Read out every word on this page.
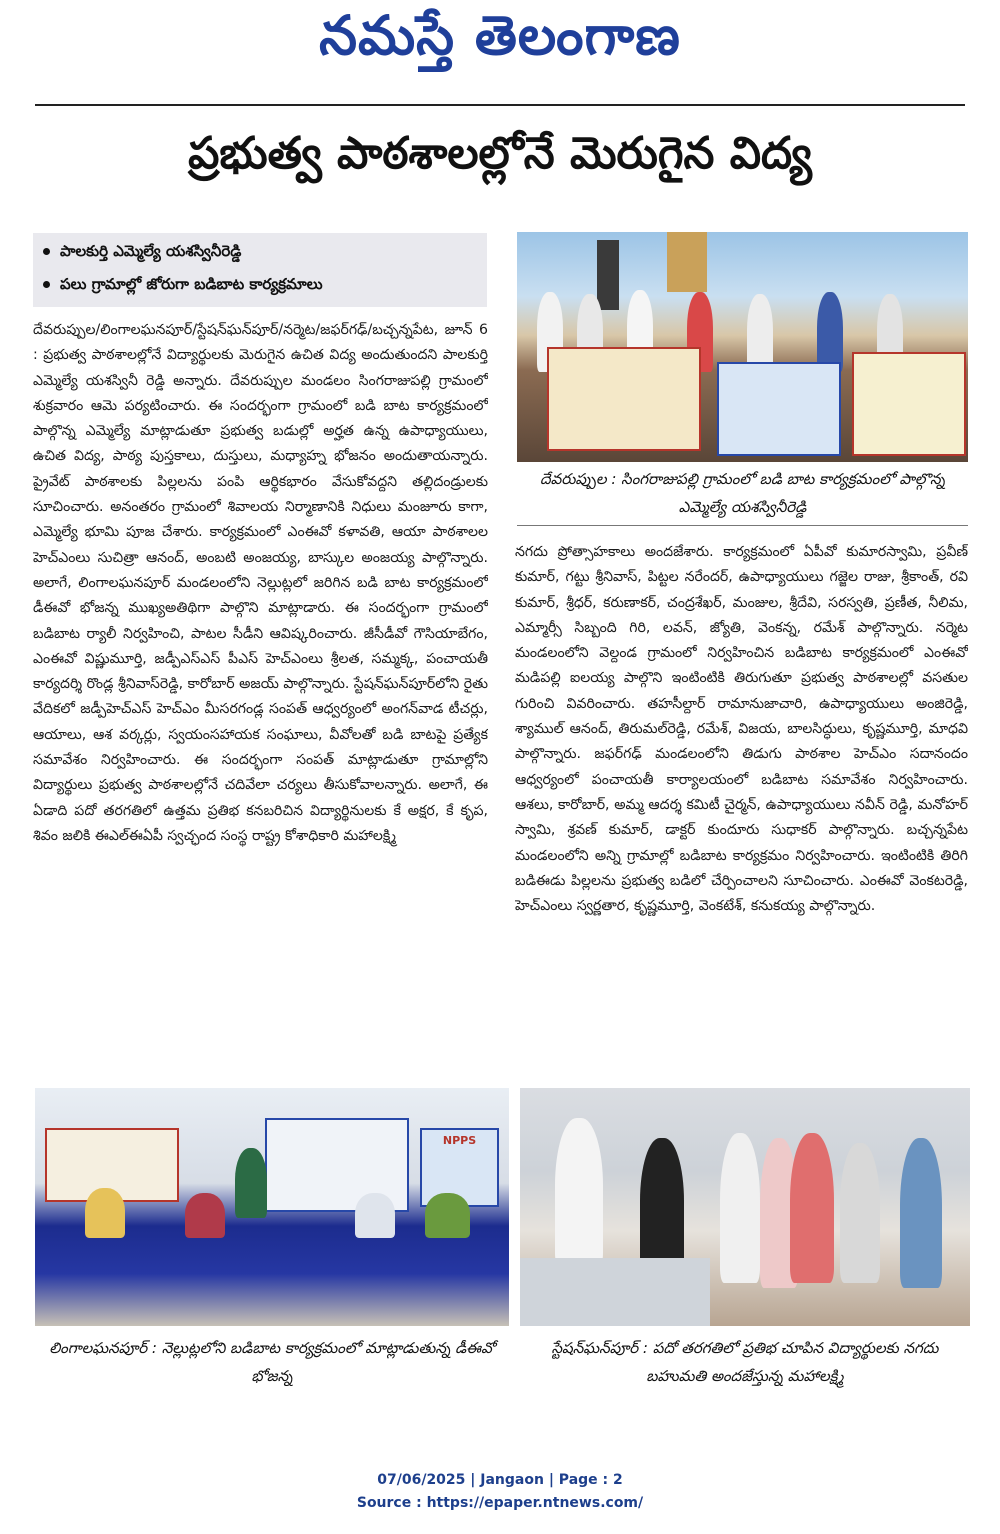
నమస్తే తెలంగాణ
ప్రభుత్వ పాఠశాలల్లోనే మెరుగైన విద్య
పాలకుర్తి ఎమ్మెల్యే యశస్వినీరెడ్డి
పలు గ్రామాల్లో జోరుగా బడిబాట కార్యక్రమాలు
దేవరుప్పుల/లింగాలఘనపూర్/స్టేషన్‌ఘన్‌పూర్/నర్మెట/జఫర్‌గఢ్/బచ్చన్నపేట, జూన్ 6 : ప్రభుత్వ పాఠశాలల్లోనే విద్యార్థులకు మెరుగైన ఉచిత విద్య అందుతుందని పాలకుర్తి ఎమ్మెల్యే యశస్వినీ రెడ్డి అన్నారు. దేవరుప్పుల మండలం సింగరాజుపల్లి గ్రామంలో శుక్రవారం ఆమె పర్యటించారు. ఈ సందర్భంగా గ్రామంలో బడి బాట కార్యక్రమంలో పాల్గొన్న ఎమ్మెల్యే మాట్లాడుతూ ప్రభుత్వ బడుల్లో అర్హత ఉన్న ఉపాధ్యాయులు, ఉచిత విద్య, పాఠ్య పుస్తకాలు, దుస్తులు, మధ్యాహ్న భోజనం అందుతాయన్నారు. ప్రైవేట్ పాఠశాలకు పిల్లలను పంపి ఆర్థికభారం వేసుకోవద్దని తల్లిదండ్రులకు సూచించారు. అనంతరం గ్రామంలో శివాలయ నిర్మాణానికి నిధులు మంజూరు కాగా, ఎమ్మెల్యే భూమి పూజ చేశారు. కార్యక్రమంలో ఎంఈవో కళావతి, ఆయా పాఠశాలల హెచ్‌ఎంలు సుచిత్రా ఆనంద్, అంబటి అంజయ్య, బాస్కుల అంజయ్య పాల్గొన్నారు. అలాగే, లింగాలఘనపూర్ మండలంలోని నెల్లుట్లలో జరిగిన బడి బాట కార్యక్రమంలో డీఈవో భోజన్న ముఖ్యఅతిథిగా పాల్గొని మాట్లాడారు. ఈ సందర్భంగా గ్రామంలో బడిబాట ర్యాలీ నిర్వహించి, పాటల సీడీని ఆవిష్కరించారు. జీసీడీవో గౌసియాబేగం, ఎంఈవో విష్ణుమూర్తి, జడ్పీఎస్‌ఎస్ పీఎస్ హెచ్‌ఎంలు శ్రీలత, సమ్మక్క, పంచాయతీ కార్యదర్శి రొండ్ల శ్రీనివాస్‌రెడ్డి, కారోబార్ అజయ్ పాల్గొన్నారు. స్టేషన్‌ఘన్‌పూర్‌లోని రైతు వేదికలో జడ్పీహెచ్‌ఎస్ హెచ్‌ఎం మీసరగండ్ల సంపత్ ఆధ్వర్యంలో అంగన్‌వాడ టీచర్లు, ఆయాలు, ఆశ వర్కర్లు, స్వయంసహాయక సంఘాలు, వీవోలతో బడి బాటపై ప్రత్యేక సమావేశం నిర్వహించారు. ఈ సందర్భంగా సంపత్ మాట్లాడుతూ గ్రామాల్లోని విద్యార్థులు ప్రభుత్వ పాఠశాలల్లోనే చదివేలా చర్యలు తీసుకోవాలన్నారు. అలాగే, ఈ ఏడాది పదో తరగతిలో ఉత్తమ ప్రతిభ కనబరిచిన విద్యార్థినులకు కే అక్షర, కే కృప, శివం జలికి ఈఎల్‌ఈఏపీ స్వచ్ఛంద సంస్థ రాష్ట్ర కోశాధికారి మహాలక్ష్మి
దేవరుప్పుల : సింగరాజుపల్లి గ్రామంలో బడి బాట కార్యక్రమంలో పాల్గొన్న ఎమ్మెల్యే యశస్వినీరెడ్డి
నగదు ప్రోత్సాహకాలు అందజేశారు. కార్యక్రమంలో ఏపీవో కుమారస్వామి, ప్రవీణ్ కుమార్, గట్టు శ్రీనివాస్, పిట్టల నరేందర్, ఉపాధ్యాయులు గజ్జెల రాజు, శ్రీకాంత్, రవి కుమార్, శ్రీధర్, కరుణాకర్, చంద్రశేఖర్, మంజుల, శ్రీదేవి, సరస్వతి, ప్రణీత, నీలిమ, ఎమ్మార్సీ సిబ్బంది గిరి, లవన్, జ్యోతి, వెంకన్న, రమేశ్ పాల్గొన్నారు. నర్మెట మండలంలోని వెల్దండ గ్రామంలో నిర్వహించిన బడిబాట కార్యక్రమంలో ఎంఈవో మడిపల్లి ఐలయ్య పాల్గొని ఇంటింటికి తిరుగుతూ ప్రభుత్వ పాఠశాలల్లో వసతుల గురించి వివరించారు. తహసీల్దార్ రామానుజాచారి, ఉపాధ్యాయులు అంజిరెడ్డి, శ్యాముల్ ఆనంద్, తిరుమల్‌రెడ్డి, రమేశ్, విజయ, బాలసిద్ధులు, కృష్ణమూర్తి, మాధవి పాల్గొన్నారు. జఫర్‌గఢ్ మండలంలోని తిడుగు పాఠశాల హెచ్‌ఎం సదానందం ఆధ్వర్యంలో పంచాయతీ కార్యాలయంలో బడిబాట సమావేశం నిర్వహించారు. ఆశలు, కారోబార్, అమ్మ ఆదర్శ కమిటీ చైర్మన్, ఉపాధ్యాయులు నవీన్ రెడ్డి, మనోహర్ స్వామి, శ్రవణ్ కుమార్, డాక్టర్ కుందూరు సుధాకర్ పాల్గొన్నారు. బచ్చన్నపేట మండలంలోని అన్ని గ్రామాల్లో బడిబాట కార్యక్రమం నిర్వహించారు. ఇంటింటికి తిరిగి బడిఈడు పిల్లలను ప్రభుత్వ బడిలో చేర్పించాలని సూచించారు. ఎంఈవో వెంకటరెడ్డి, హెచ్‌ఎంలు స్వర్ణతార, కృష్ణమూర్తి, వెంకటేశ్, కనుకయ్య పాల్గొన్నారు.
NPPS
లింగాలఘనపూర్ : నెల్లుట్లలోని బడిబాట కార్యక్రమంలో మాట్లాడుతున్న డీఈవో భోజన్న
స్టేషన్‌ఘన్‌పూర్ : పదో తరగతిలో ప్రతిభ చూపిన విద్యార్థులకు నగదు బహుమతి అందజేస్తున్న మహాలక్ష్మి
07/06/2025 | Jangaon | Page : 2
Source : https://epaper.ntnews.com/
